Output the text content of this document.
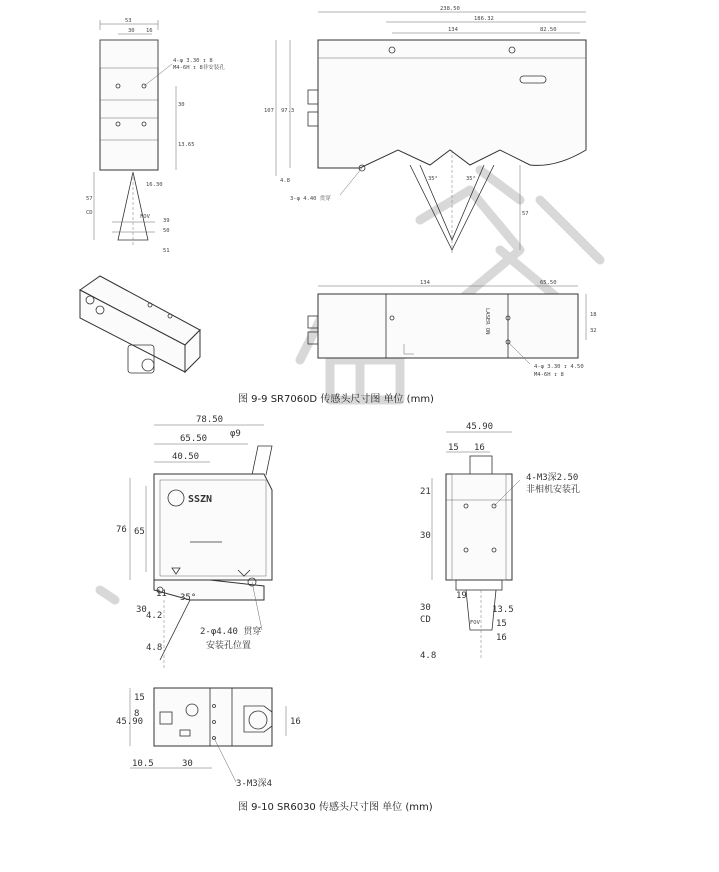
53
30 16
4-φ 3.30 ↧ 8
M4-6H ↧ 8非安装孔
30
13.65
57
CD
16.30
FOV
39
50
51
238.50
186.32
134	82.50
107 97.3
4.8
3-φ 4.40 贯穿
35°	35°
57
134	65.50
LASER ON	18
32
4-φ 3.30 ↧ 4.50
M4-6H ↧ 8
图 9-9 SR7060D 传感头尺寸图 单位 (mm)
78.50
65.50	φ9
40.50
SSZN
35°
76 65
30
4.2
4.8
11
2-φ4.40 贯穿
安装孔位置
45.90
15 16
4-M3深2.50
非相机安装孔
21
30
30
CD
4.8
19
13.5
15
16
FOV
16
45.90
15
8
10.5	30
3-M3深4
图 9-10 SR6030 传感头尺寸图 单位 (mm)
